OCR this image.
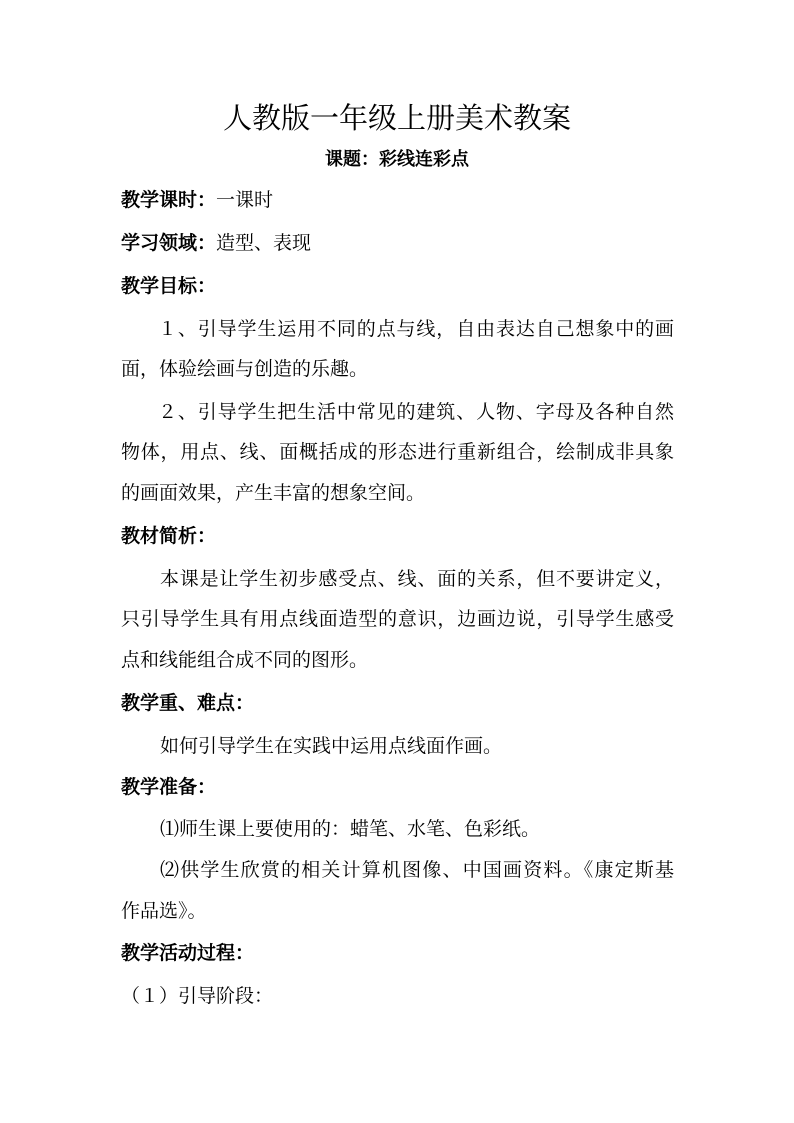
人教版一年级上册美术教案
课题：彩线连彩点
教学课时：一课时
学习领域：造型、表现
教学目标：
１、引导学生运用不同的点与线，自由表达自己想象中的画
面，体验绘画与创造的乐趣。
２、引导学生把生活中常见的建筑、人物、字母及各种自然
物体，用点、线、面概括成的形态进行重新组合，绘制成非具象
的画面效果，产生丰富的想象空间。
教材简析：
本课是让学生初步感受点、线、面的关系，但不要讲定义，
只引导学生具有用点线面造型的意识，边画边说，引导学生感受
点和线能组合成不同的图形。
教学重、难点：
如何引导学生在实践中运用点线面作画。
教学准备：
⑴师生课上要使用的：蜡笔、水笔、色彩纸。
⑵供学生欣赏的相关计算机图像、中国画资料。《康定斯基
作品选》。
教学活动过程：
（１）引导阶段：
